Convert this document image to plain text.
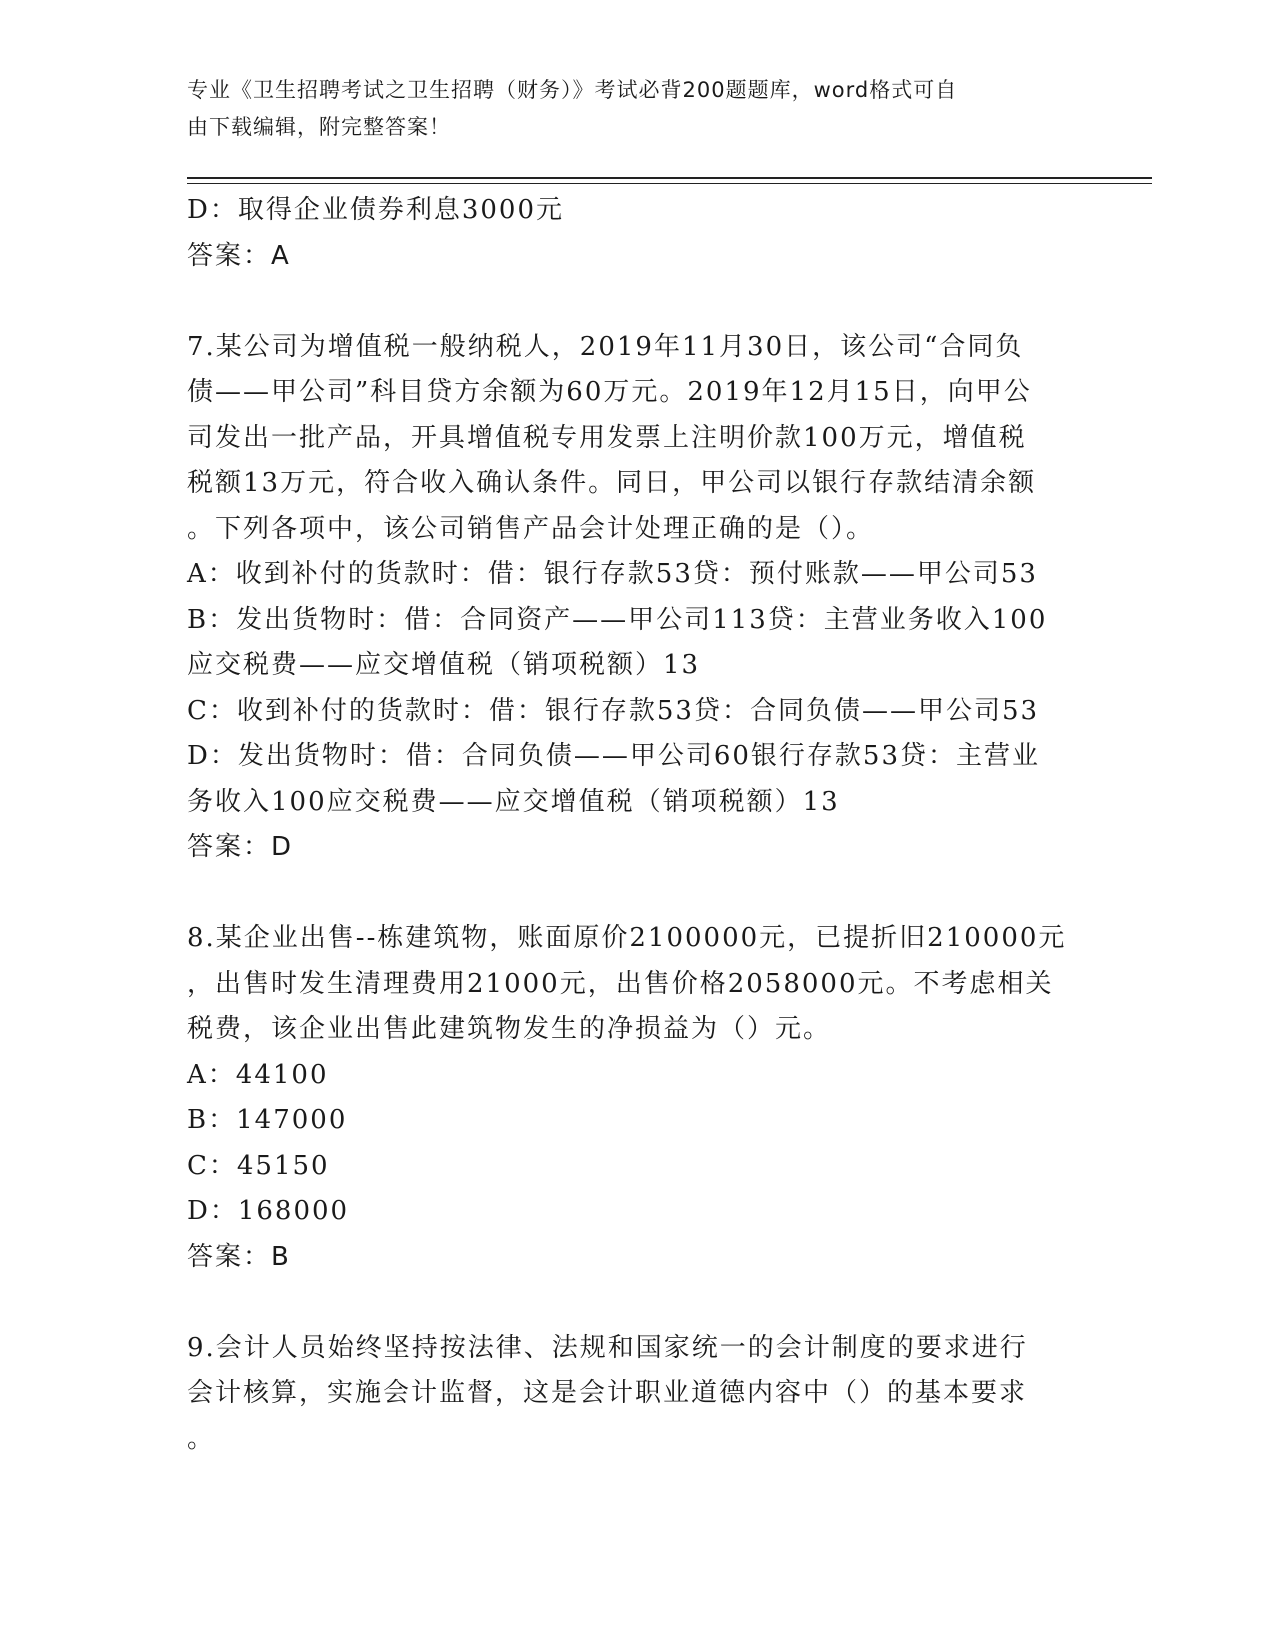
专业《卫生招聘考试之卫生招聘（财务）》考试必背200题题库，word格式可自
由下载编辑，附完整答案！
D：取得企业债券利息3000元
答案：A
7.某公司为增值税一般纳税人，2019年11月30日，该公司“合同负
债——甲公司”科目贷方余额为60万元。2019年12月15日，向甲公
司发出一批产品，开具增值税专用发票上注明价款100万元，增值税
税额13万元，符合收入确认条件。同日，甲公司以银行存款结清余额
。下列各项中，该公司销售产品会计处理正确的是（）。
A：收到补付的货款时：借：银行存款53贷：预付账款——甲公司53
B：发出货物时：借：合同资产——甲公司113贷：主营业务收入100
应交税费——应交增值税（销项税额）13
C：收到补付的货款时：借：银行存款53贷：合同负债——甲公司53
D：发出货物时：借：合同负债——甲公司60银行存款53贷：主营业
务收入100应交税费——应交增值税（销项税额）13
答案：D
8.某企业出售--栋建筑物，账面原价2100000元，已提折旧210000元
，出售时发生清理费用21000元，出售价格2058000元。不考虑相关
税费，该企业出售此建筑物发生的净损益为（）元。
A：44100
B：147000
C：45150
D：168000
答案：B
9.会计人员始终坚持按法律、法规和国家统一的会计制度的要求进行
会计核算，实施会计监督，这是会计职业道德内容中（）的基本要求
。
